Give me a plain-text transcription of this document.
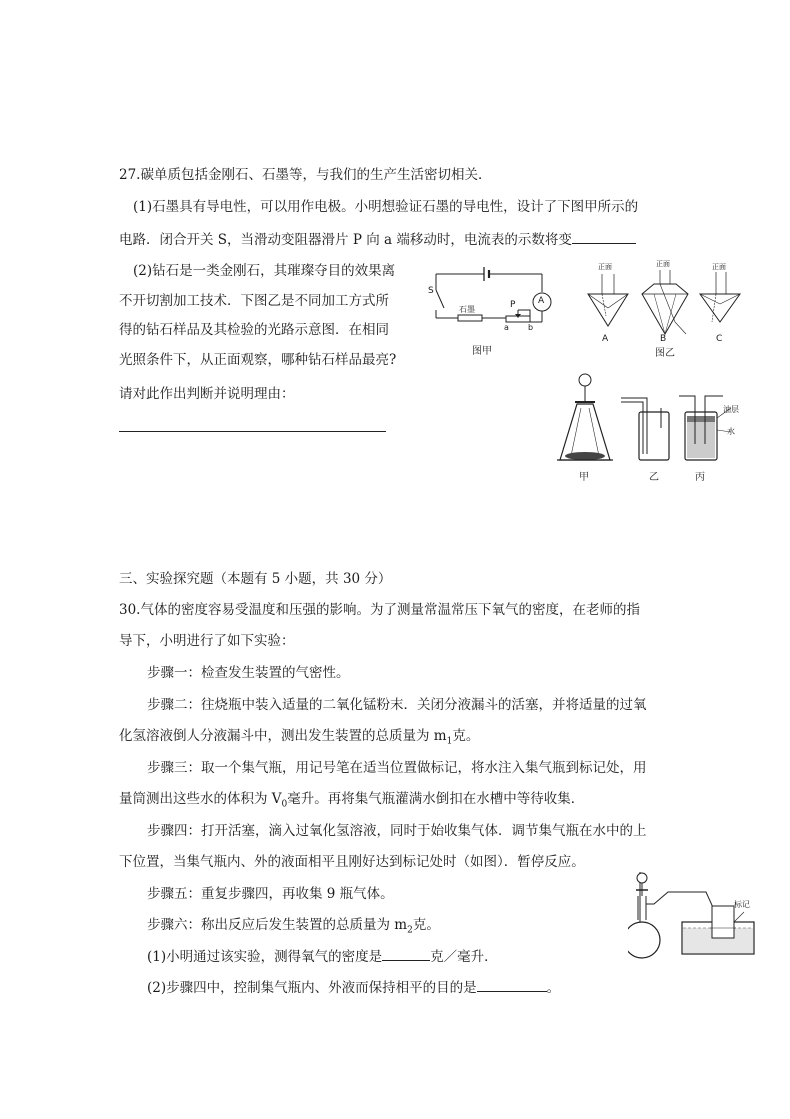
27.碳单质包括金刚石、石墨等，与我们的生产生活密切相关．
(1)石墨具有导电性，可以用作电极。小明想验证石墨的导电性，设计了下图甲所示的
电路．闭合开关 S，当滑动变阻器滑片 P 向 a 端移动时，电流表的示数将变
(2)钻石是一类金刚石，其璀璨夺目的效果离
不开切割加工技术．下图乙是不同加工方式所
得的钻石样品及其检验的光路示意图．在相同
光照条件下，从正面观察，哪种钻石样品最亮?
请对此作出判断并说明理由：
S
石墨	P
a b
A
图甲
正面	正面	正面
A	B	C
图乙
甲	乙	丙
油层
水
三、实验探究题（本题有 5 小题，共 30 分）
30.气体的密度容易受温度和压强的影响。为了测量常温常压下氧气的密度，在老师的指
导下，小明进行了如下实验：
步骤一：检查发生装置的气密性。
步骤二：往烧瓶中装入适量的二氧化锰粉末．关闭分液漏斗的活塞，并将适量的过氧
化氢溶液倒人分液漏斗中，测出发生装置的总质量为 $m_1$克。
步骤三：取一个集气瓶，用记号笔在适当位置做标记，将水注入集气瓶到标记处，用
量筒测出这些水的体积为 $V_0$毫升。再将集气瓶灌满水倒扣在水槽中等待收集．
步骤四：打开活塞，滴入过氧化氢溶液，同时于始收集气体．调节集气瓶在水中的上
下位置，当集气瓶内、外的液面相平且刚好达到标记处时（如图）．暂停反应。
步骤五：重复步骤四，再收集 9 瓶气体。
步骤六：称出反应后发生装置的总质量为 $m_2$克。
(1)小明通过该实验，测得氧气的密度是	克／毫升．
(2)步骤四中，控制集气瓶内、外液而保持相平的目的是	。
标记
